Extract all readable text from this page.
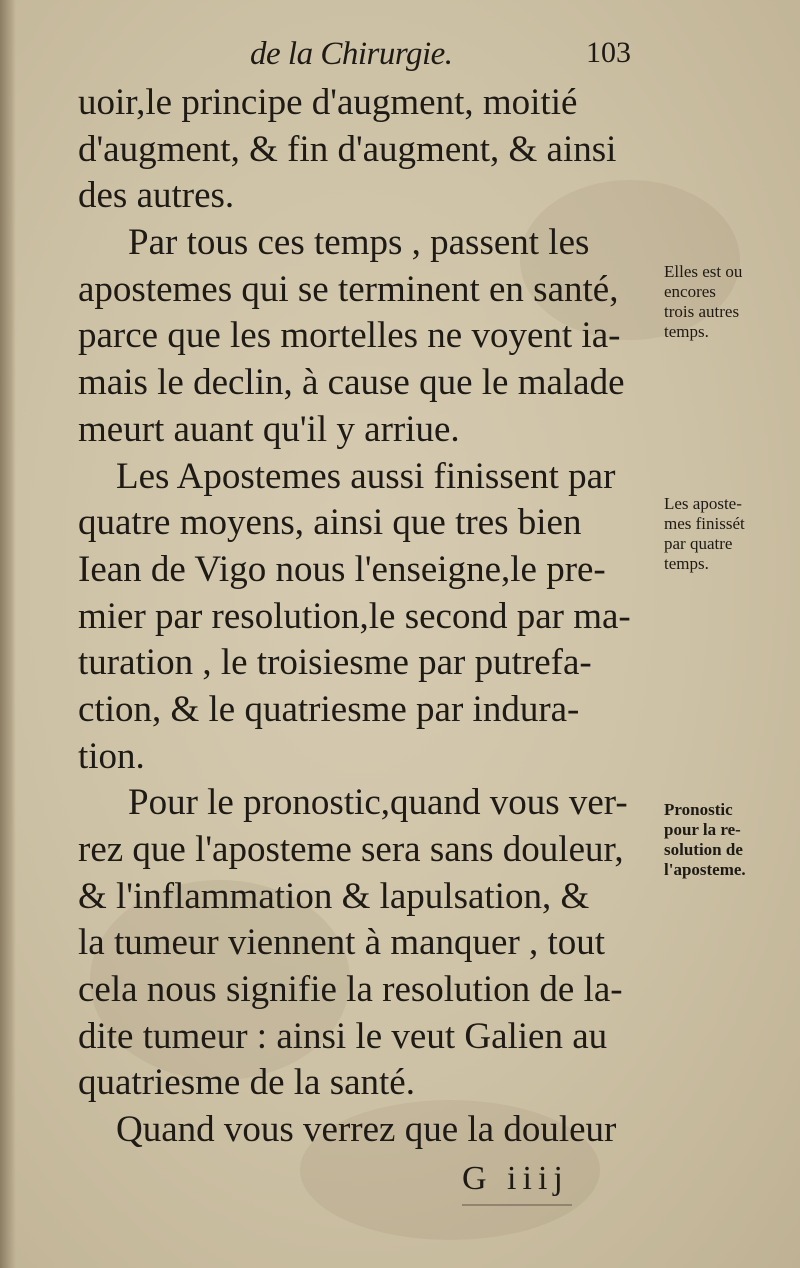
de la Chirurgie.	103
uoir,le principe d'augment, moitié
d'augment, & fin d'augment, & ainsi
des autres.
Par tous ces temps , passent les
apostemes qui se terminent en santé,
parce que les mortelles ne voyent ia-
mais le declin, à cause que le malade
meurt auant qu'il y arriue.
Les Apostemes aussi finissent par
quatre moyens, ainsi que tres bien
Iean de Vigo nous l'enseigne,le pre-
mier par resolution,le second par ma-
turation , le troisiesme par putrefa-
ction, & le quatriesme par indura-
tion.
Pour le pronostic,quand vous ver-
rez que l'aposteme sera sans douleur,
& l'inflammation & lapulsation, &
la tumeur viennent à manquer , tout
cela nous signifie la resolution de la-
dite tumeur : ainsi le veut Galien au
quatriesme de la santé.
Quand vous verrez que la douleur
Elles est ou
encores
trois autres
temps.
Les aposte-
mes finissét
par quatre
temps.
Pronostic
pour la re-
solution de
l'aposteme.
G iiij
